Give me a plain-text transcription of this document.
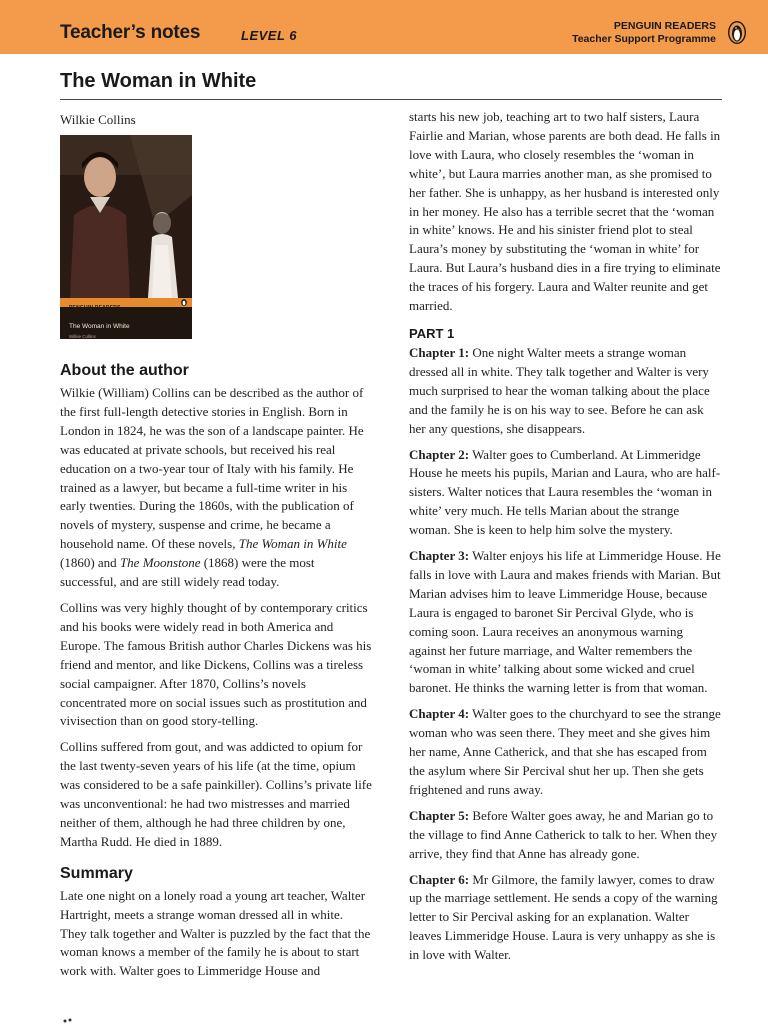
Teacher’s notes	LEVEL 6
PENGUIN READERS
Teacher Support Programme
The Woman in White
Wilkie Collins
PENGUIN READERS
The Woman in White
Wilkie Collins
About the author

Wilkie (William) Collins can be described as the author of the first full-length detective stories in English. Born in London in 1824, he was the son of a landscape painter. He was educated at private schools, but received his real education on a two-year tour of Italy with his family. He trained as a lawyer, but became a full-time writer in his early twenties. During the 1860s, with the publication of novels of mystery, suspense and crime, he became a household name. Of these novels, The Woman in White (1860) and The Moonstone (1868) were the most successful, and are still widely read today.

Collins was very highly thought of by contemporary critics and his books were widely read in both America and Europe. The famous British author Charles Dickens was his friend and mentor, and like Dickens, Collins was a tireless social campaigner. After 1870, Collins’s novels concentrated more on social issues such as prostitution and vivisection than on good story-telling.

Collins suffered from gout, and was addicted to opium for the last twenty-seven years of his life (at the time, opium was considered to be a safe painkiller). Collins’s private life was unconventional: he had two mistresses and married neither of them, although he had three children by one, Martha Rudd. He died in 1889.

Summary

Late one night on a lonely road a young art teacher, Walter Hartright, meets a strange woman dressed all in white. They talk together and Walter is puzzled by the fact that the woman knows a member of the family he is about to start work with. Walter goes to Limmeridge House and

starts his new job, teaching art to two half sisters, Laura Fairlie and Marian, whose parents are both dead. He falls in love with Laura, who closely resembles the ‘woman in white’, but Laura marries another man, as she promised to her father. She is unhappy, as her husband is interested only in her money. He also has a terrible secret that the ‘woman in white’ knows. He and his sinister friend plot to steal Laura’s money by substituting the ‘woman in white’ for Laura. But Laura’s husband dies in a fire trying to eliminate the traces of his forgery. Laura and Walter reunite and get married.

PART 1

Chapter 1: One night Walter meets a strange woman dressed all in white. They talk together and Walter is very much surprised to hear the woman talking about the place and the family he is on his way to see. Before he can ask her any questions, she disappears.

Chapter 2: Walter goes to Cumberland. At Limmeridge House he meets his pupils, Marian and Laura, who are half-sisters. Walter notices that Laura resembles the ‘woman in white’ very much. He tells Marian about the strange woman. She is keen to help him solve the mystery.

Chapter 3: Walter enjoys his life at Limmeridge House. He falls in love with Laura and makes friends with Marian. But Marian advises him to leave Limmeridge House, because Laura is engaged to baronet Sir Percival Glyde, who is coming soon. Laura receives an anonymous warning against her future marriage, and Walter remembers the ‘woman in white’ talking about some wicked and cruel baronet. He thinks the warning letter is from that woman.

Chapter 4: Walter goes to the churchyard to see the strange woman who was seen there. They meet and she gives him her name, Anne Catherick, and that she has escaped from the asylum where Sir Percival shut her up. Then she gets frightened and runs away.

Chapter 5: Before Walter goes away, he and Marian go to the village to find Anne Catherick to talk to her. When they arrive, they find that Anne has already gone.

Chapter 6: Mr Gilmore, the family lawyer, comes to draw up the marriage settlement. He sends a copy of the warning letter to Sir Percival asking for an explanation. Walter leaves Limmeridge House. Laura is very unhappy as she is in love with Walter.
